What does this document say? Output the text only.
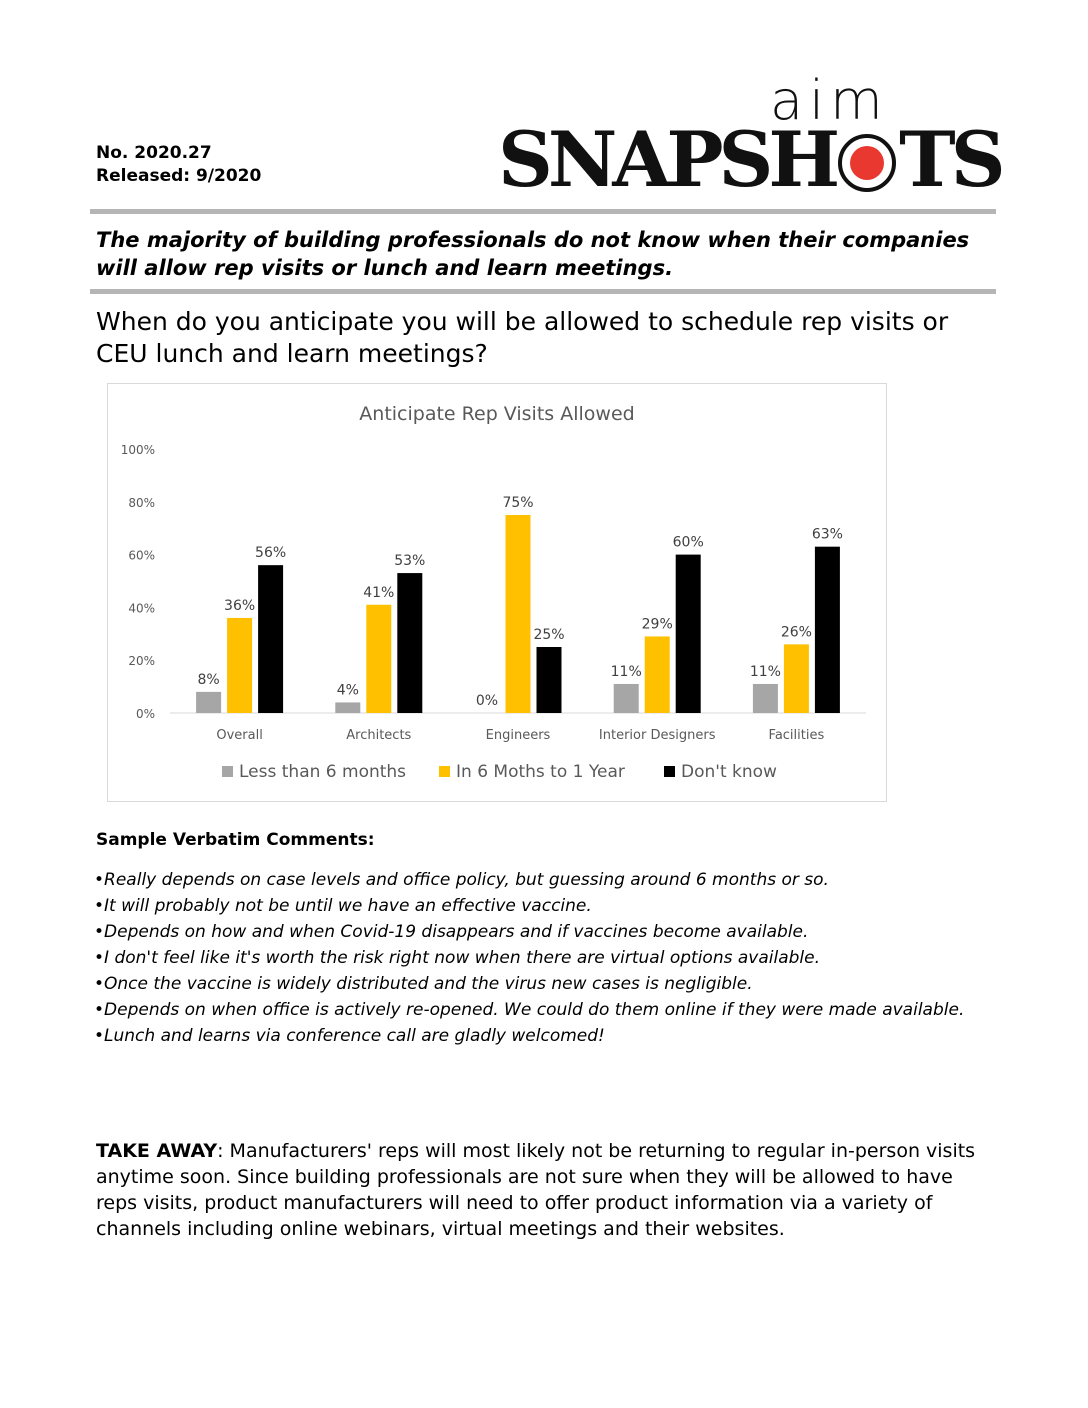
No. 2020.27
Released: 9/2020
aim
SNAPSH TS
The majority of building professionals do not know when their companies will allow rep visits or lunch and learn meetings.
When do you anticipate you will be allowed to schedule rep visits or CEU lunch and learn meetings?
Anticipate Rep Visits Allowed
0%
20%
40%
60%
80%
100%
Overall
8%
36%
56%
Architects
4%
41%
53%
Engineers
0%
75%
25%
Interior Designers
11%
29%
60%
Facilities
11%
26%
63%
Less than 6 months	In 6 Moths to 1 Year	Don't know
Sample Verbatim Comments:
•Really depends on case levels and office policy, but guessing around 6 months or so.
•It will probably not be until we have an effective vaccine.
•Depends on how and when Covid-19 disappears and if vaccines become available.
•I don't feel like it's worth the risk right now when there are virtual options available.
•Once the vaccine is widely distributed and the virus new cases is negligible.
•Depends on when office is actively re-opened. We could do them online if they were made available.
•Lunch and learns via conference call are gladly welcomed!
TAKE AWAY: Manufacturers' reps will most likely not be returning to regular in-person visits anytime soon. Since building professionals are not sure when they will be allowed to have reps visits, product manufacturers will need to offer product information via a variety of channels including online webinars, virtual meetings and their websites.
